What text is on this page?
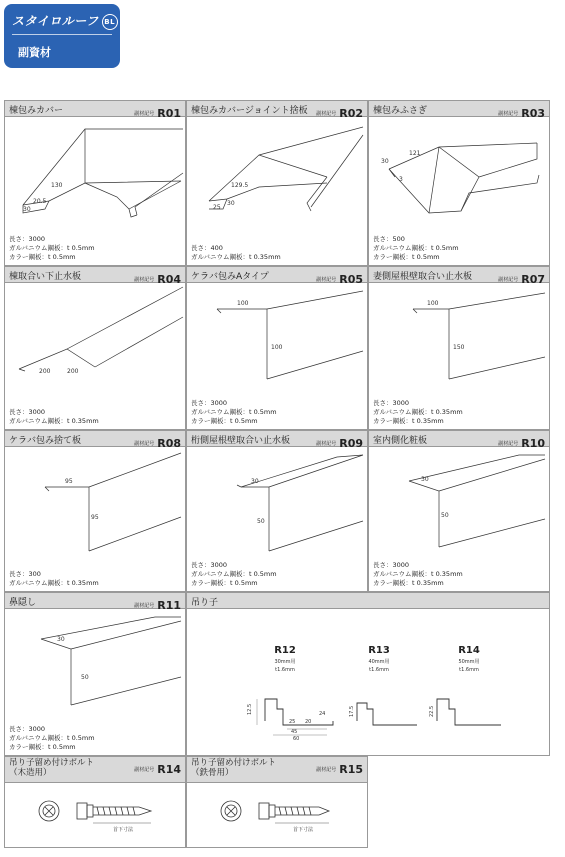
スタイロルーフ BL
副資材
棟包みカバー	副材記号 R01
130
20.5
30
長さ：3000
ガルバニウム鋼板：t 0.5mm
カラー鋼板：t 0.5mm
棟包みカバージョイント捨板 副材記号 R02
129.5
25
30
長さ：400
ガルバニウム鋼板：t 0.35mm
棟包みふさぎ	副材記号 R03
30
121
3
長さ：500
ガルバニウム鋼板：t 0.5mm
カラー鋼板：t 0.5mm
棟取合い下止水板	副材記号 R04
200	200
長さ：3000
ガルバニウム鋼板：t 0.35mm
ケラバ包みAタイプ	副材記号 R05
100
100
長さ：3000
ガルバニウム鋼板：t 0.5mm
カラー鋼板：t 0.5mm
妻側屋根壁取合い止水板	副材記号 R07
100
150
長さ：3000
ガルバニウム鋼板：t 0.35mm
カラー鋼板：t 0.35mm
ケラバ包み捨て板	副材記号 R08
95
95
長さ：300
ガルバニウム鋼板：t 0.35mm
桁側屋根壁取合い止水板	副材記号 R09
30
50
長さ：3000
ガルバニウム鋼板：t 0.5mm
カラー鋼板：t 0.5mm
室内側化粧板	副材記号 R10
30
50
長さ：3000
ガルバニウム鋼板：t 0.35mm
カラー鋼板：t 0.35mm
鼻隠し	副材記号 R11
30
50
長さ：3000
ガルバニウム鋼板：t 0.5mm
カラー鋼板：t 0.5mm
吊り子
R12
30mm用
t1.6mm
R13
40mm用
t1.6mm
R14
50mm用
t1.6mm
12.5
25 20
45
60
24	17.5	22.5
吊り子留め付けボルト
（木造用）	副材記号 R14
首下寸法
吊り子留め付けボルト
（鉄骨用）	副材記号 R15
首下寸法
